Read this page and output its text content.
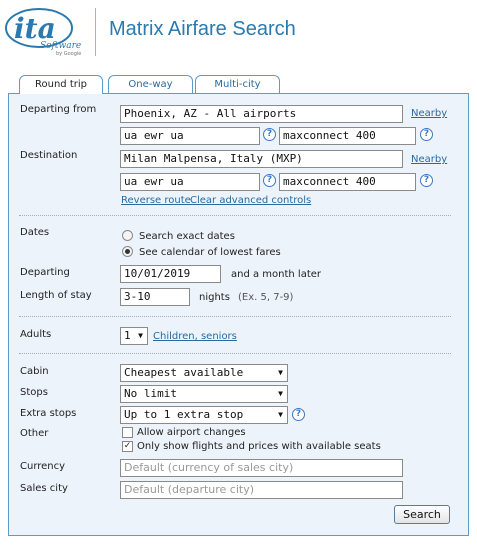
ita
Software
by Google
Matrix Airfare Search
Round trip	One-way	Multi-city
Departing from	Phoenix, AZ - All airports	Nearby
ua ewr ua	? maxconnect 400	?
Destination	Milan Malpensa, Italy (MXP)	Nearby
ua ewr ua	? maxconnect 400	?
Reverse route Clear advanced controls
Dates	Search exact dates
See calendar of lowest fares
Departing	10/01/2019	and a month later
Length of stay	3-10	nights (Ex. 5, 7-9)
Adults	1 ▼ Children, seniors
Cabin	Cheapest available	▼
Stops	No limit	▼
Extra stops	Up to 1 extra stop	▼	?
Other	Allow airport changes
✓ Only show flights and prices with available seats
Currency	Default (currency of sales city)
Sales city	Default (departure city)
Search
